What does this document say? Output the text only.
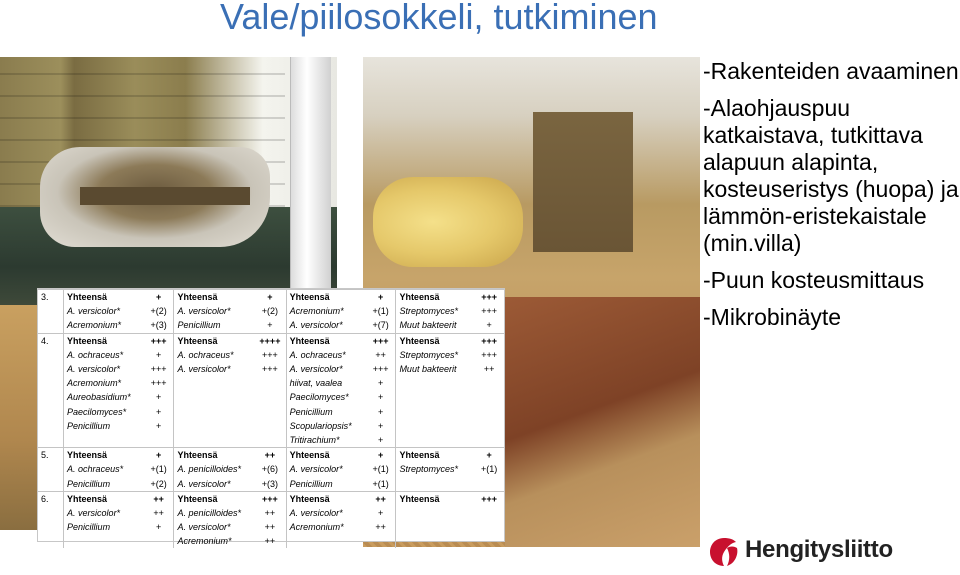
Vale/piilosokkeli, tutkiminen
3.	Yhteensä	+	Yhteensä	+	Yhteensä	+	Yhteensä	+++
	A. versicolor*	+(2)	A. versicolor*	+(2)	Acremonium*	+(1)	Streptomyces*	+++
	Acremonium*	+(3)	Penicillium	+	A. versicolor*	+(7)	Muut bakteerit	+
4.	Yhteensä	+++	Yhteensä	++++	Yhteensä	+++	Yhteensä	+++
	A. ochraceus*	+	A. ochraceus*	+++	A. ochraceus*	++	Streptomyces*	+++
	A. versicolor*	+++	A. versicolor*	+++	A. versicolor*	+++	Muut bakteerit	++
	Acremonium*	+++			hiivat, vaalea	+		
	Aureobasidium*	+			Paecilomyces*	+		
	Paecilomyces*	+			Penicillium	+		
	Penicillium	+			Scopulariopsis*	+		
					Tritirachium*	+		
5.	Yhteensä	+	Yhteensä	++	Yhteensä	+	Yhteensä	+
	A. ochraceus*	+(1)	A. penicilloides*	+(6)	A. versicolor*	+(1)	Streptomyces*	+(1)
	Penicillium	+(2)	A. versicolor*	+(3)	Penicillium	+(1)		
6.	Yhteensä	++	Yhteensä	+++	Yhteensä	++	Yhteensä	+++
	A. versicolor*	++	A. penicilloides*	++	A. versicolor*	+		
	Penicillium	+	A. versicolor*	++	Acremonium*	++		
			Acremonium*	++				

-Rakenteiden avaaminen

-Alaohjauspuu katkaistava, tutkittava alapuun alapinta, kosteuseristys (huopa) ja lämmön-eristekaistale (min.villa)

-Puun kosteusmittaus

-Mikrobinäyte

Hengitysliitto
